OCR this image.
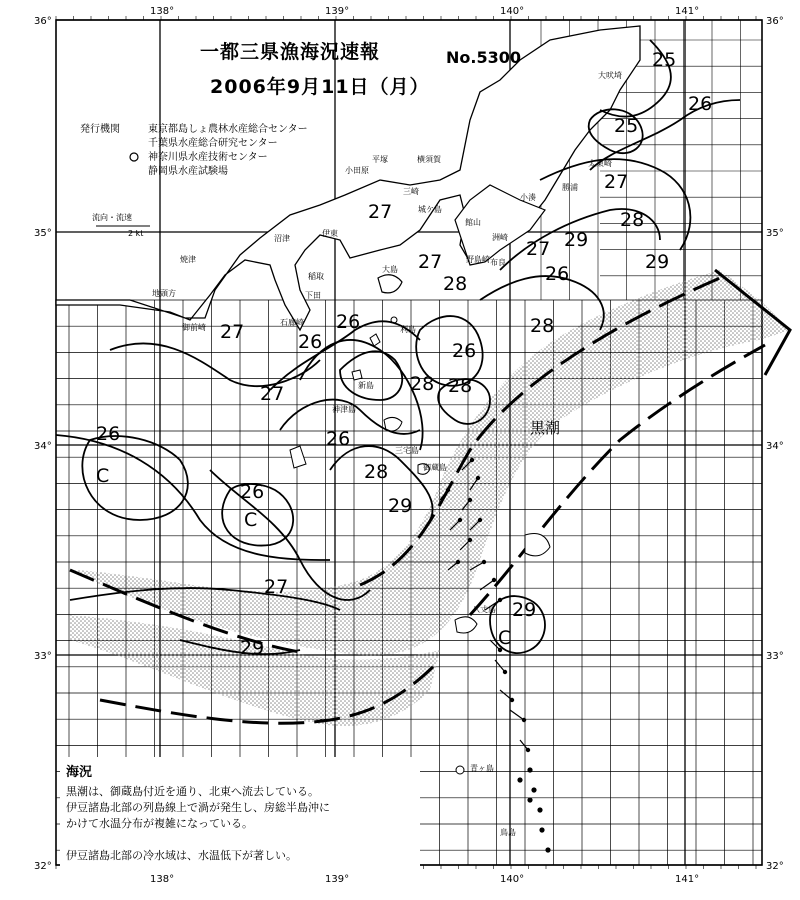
一都三県漁海況速報	No.5300
2006年9月11日（月）
発行機関	東京都島しょ農林水産総合センター
千葉県水産総合研究センター
神奈川県水産技術センター
静岡県水産試験場
流向・流速
2 kt
138°	139°	140°	141°
138°	139°	140°	141°
36°
35°
34°
33°
32°
36°
35°
34°
33°
32°
大吠埼
太東崎
勝浦
小湊
洲崎
布良
平塚
小田原
横須賀
三崎
城ケ島
館山
野島崎
伊東
沼津
焼津
稲取
下田
石廊崎
御前崎
地頭方
大島
利島
新島
神津島
三宅島
御蔵島
八丈島
青ヶ島
鳥島
25
26
25
27
28
27 29
29
26
28
28
27
27
26
26
28 28
27
26
27
26
28
29
26
27
29
29
26
C
C
C
黒潮
海況
黒潮は、御蔵島付近を通り、北東へ流去している。
伊豆諸島北部の列島線上で渦が発生し、房総半島沖に
かけて水温分布が複雑になっている。
伊豆諸島北部の冷水域は、水温低下が著しい。
